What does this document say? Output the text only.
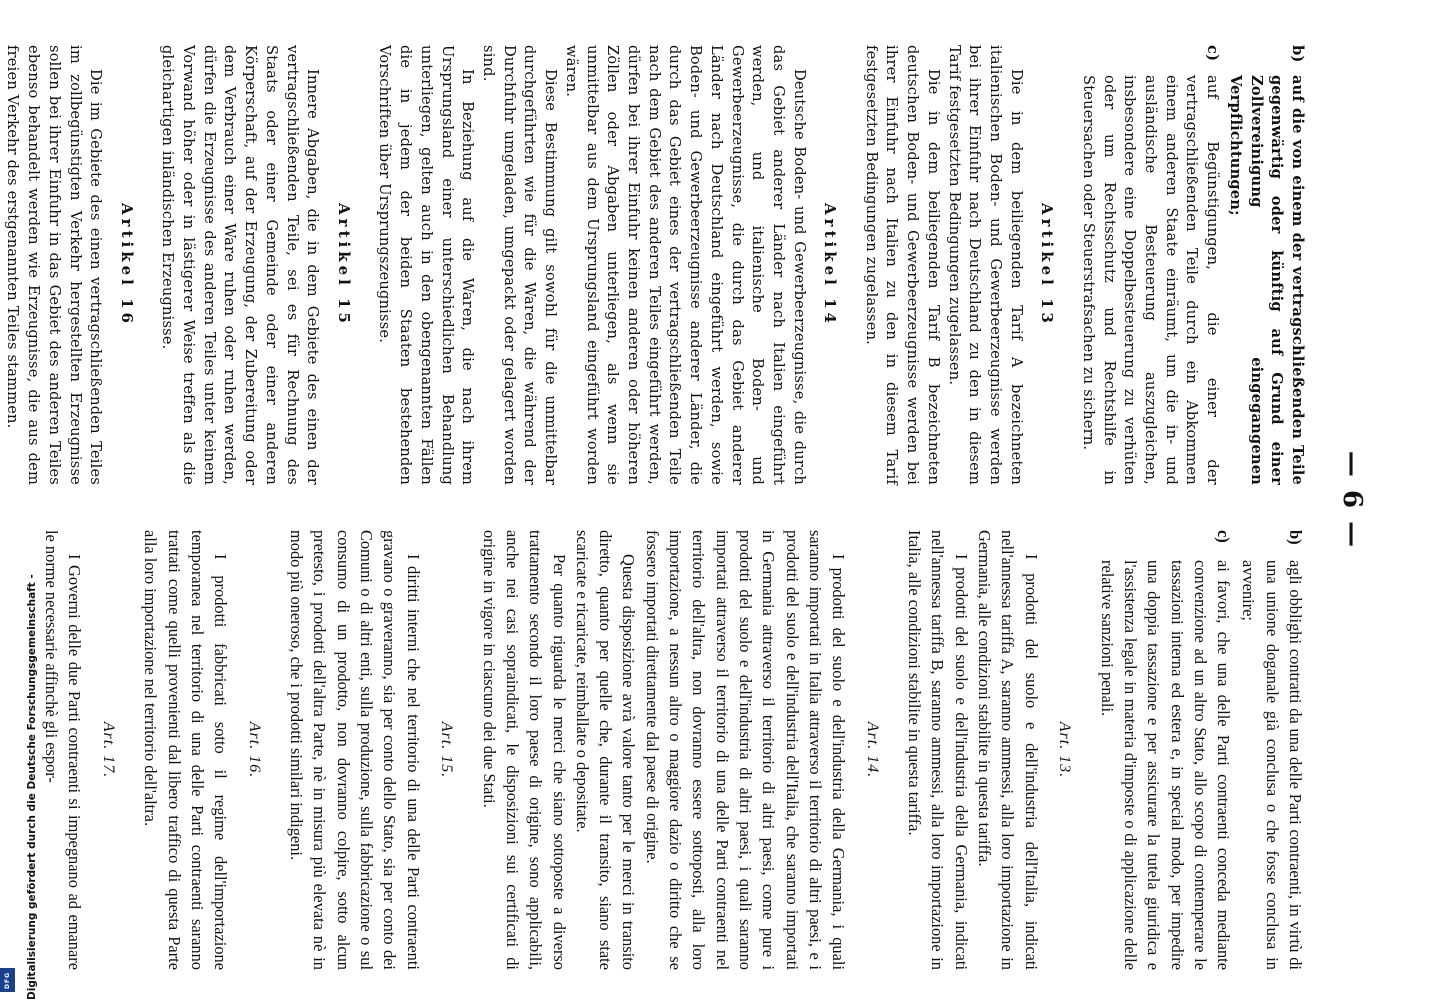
— 6 —
b)
auf die von einem der vertragschließenden Teile gegenwärtig oder künftig auf Grund einer Zollvereinigung eingegangenen Verpflichtungen;
c)
auf Begünstigungen, die einer der vertragschließenden Teile durch ein Abkommen einem anderen Staate einräumt, um die in- und ausländische Besteuerung auszugleichen, insbesondere eine Doppelbesteuerung zu verhüten oder um Rechtsschutz und Rechtshilfe in Steuersachen oder Steuerstrafsachen zu sichern.
Artikel 13

Die in dem beiliegenden Tarif A bezeichneten italienischen Boden- und Gewerbeerzeugnisse werden bei ihrer Einfuhr nach Deutschland zu den in diesem Tarif festgesetzten Bedingungen zugelassen.

Die in dem beiliegenden Tarif B bezeichneten deutschen Boden- und Gewerbeerzeugnisse werden bei ihrer Einfuhr nach Italien zu den in diesem Tarif festgesetzten Bedingungen zugelassen.

Artikel 14

Deutsche Boden- und Gewerbeerzeugnisse, die durch das Gebiet anderer Länder nach Italien eingeführt werden, und italienische Boden- und Gewerbeerzeugnisse, die durch das Gebiet anderer Länder nach Deutschland eingeführt werden, sowie Boden- und Gewerbeerzeugnisse anderer Länder, die durch das Gebiet eines der vertragschließenden Teile nach dem Gebiet des anderen Teiles eingeführt werden, dürfen bei ihrer Einfuhr keinen anderen oder höheren Zöllen oder Abgaben unterliegen, als wenn sie unmittelbar aus dem Ursprungsland eingeführt worden wären.

Diese Bestimmung gilt sowohl für die unmittelbar durchgeführten wie für die Waren, die während der Durchfuhr umgeladen, umgepackt oder gelagert worden sind.

In Beziehung auf die Waren, die nach ihrem Ursprungsland einer unterschiedlichen Behandlung unterliegen, gelten auch in den obengenannten Fällen die in jedem der beiden Staaten bestehenden Vorschriften über Ursprungszeugnisse.

Artikel 15

Innere Abgaben, die in dem Gebiete des einen der vertragschließenden Teile, sei es für Rechnung des Staats oder einer Gemeinde oder einer anderen Körperschaft, auf der Erzeugung, der Zubereitung oder dem Verbrauch einer Ware ruhen oder ruhen werden, dürfen die Erzeugnisse des anderen Teiles unter keinem Vorwand höher oder in lästigerer Weise treffen als die gleichartigen inländischen Erzeugnisse.

Artikel 16

Die im Gebiete des einen vertragschließenden Teiles im zollbegünstigten Verkehr hergestellten Erzeugnisse sollen bei ihrer Einfuhr in das Gebiet des anderen Teiles ebenso behandelt werden wie Erzeugnisse, die aus dem freien Verkehr des erstgenannten Teiles stammen.

b)
agli obblighi contratti da una delle Parti contraenti, in virtù di una unione doganale già conclusa o che fosse conclusa in avvenire;
c)
ai favori, che una delle Parti contraenti conceda mediante convenzione ad un altro Stato, allo scopo di contemperare le tassazioni interna ed estera e, in special modo, per impedire una doppia tassazione e per assicurare la tutela giuridica e l'assistenza legale in materia d'imposte o di applicazione delle relative sanzioni penali.
Art. 13.

I prodotti del suolo e dell'industria dell'Italia, indicati nell'annessa tariffa A, saranno ammessi, alla loro importazione in Germania, alle condizioni stabilite in questa tariffa.

I prodotti del suolo e dell'industria della Germania, indicati nell'annessa tariffa B, saranno ammessi, alla loro importazione in Italia, alle condizioni stabilite in questa tariffa.

Art. 14.

I prodotti del suolo e dell'industria della Germania, i quali saranno importati in Italia attraverso il territorio di altri paesi, e i prodotti del suolo e dell'industria dell'Italia, che saranno importati in Germania attraverso il territorio di altri paesi, come pure i prodotti del suolo e dell'industria di altri paesi, i quali saranno importati attraverso il territorio di una delle Parti contraenti nel territorio dell'altra, non dovranno essere sottoposti, alla loro importazione, a nessun altro o maggiore dazio o diritto che se fossero importati direttamente dal paese di origine.

Questa disposizione avrà valore tanto per le merci in transito diretto, quanto per quelle che, durante il transito, siano state scaricate e ricaricate, reimballate o depositate.

Per quanto riguarda le merci che siano sottoposte a diverso trattamento secondo il loro paese di origine, sono applicabili, anche nei casi sopraindicati, le disposizioni sui certificati di origine in vigore in ciascuno dei due Stati.

Art. 15.

I diritti interni che nel territorio di una delle Parti contraenti gravano o graveranno, sia per conto dello Stato, sia per conto dei Comuni o di altri enti, sulla produzione, sulla fabbricazione o sul consumo di un prodotto, non dovranno colpire, sotto alcun pretesto, i prodotti dell'altra Parte, nè in misura più elevata nè in modo più oneroso, che i prodotti similari indigeni.

Art. 16.

I prodotti fabbricati sotto il regime dell'importazione temporanea nel territorio di una delle Parti contraenti saranno trattati come quelli provenienti dal libero traffico di questa Parte alla loro importazione nel territorio dell'altra.

Art. 17.

I Governi delle due Parti contraenti si impegnano ad emanare le norme necessarie affinchè gli espor-

Digitalisierung gefördert durch die Deutsche Forschungsgemeinschaft -
DFG
